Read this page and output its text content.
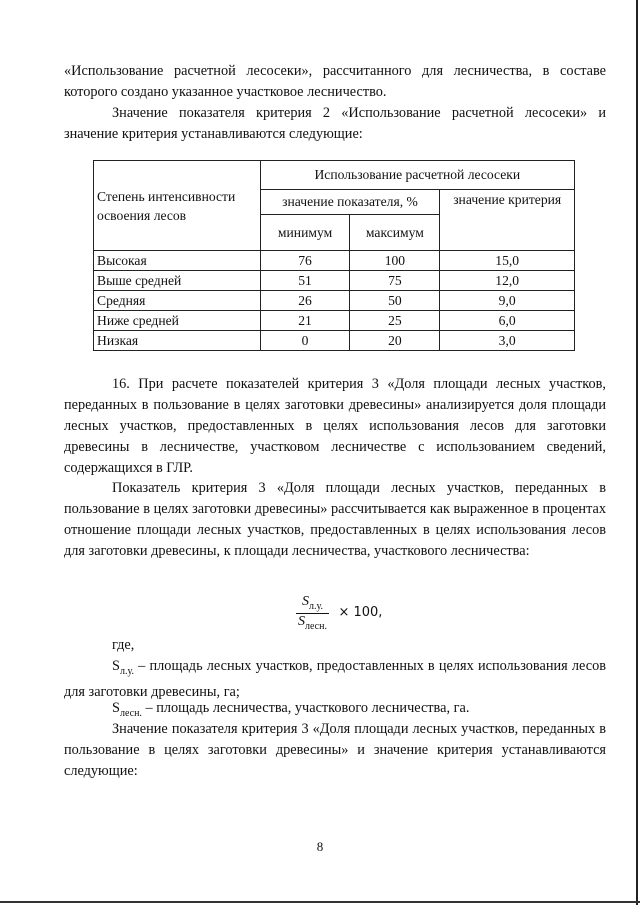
«Использование расчетной лесосеки», рассчитанного для лесничества, в составе которого создано указанное участковое лесничество.

Значение показателя критерия 2 «Использование расчетной лесосеки» и значение критерия устанавливаются следующие:

Степень интенсивности освоения лесов	Использование расчетной лесосеки		
	значение показателя, %		значение критерия
	минимум	максимум	
Высокая	76	100	15,0
Выше средней	51	75	12,0
Средняя	26	50	9,0
Ниже средней	21	25	6,0
Низкая	0	20	3,0

16. При расчете показателей критерия 3 «Доля площади лесных участков, переданных в пользование в целях заготовки древесины» анализируется доля площади лесных участков, предоставленных в целях использования лесов для заготовки древесины в лесничестве, участковом лесничестве с использованием сведений, содержащихся в ГЛР.

Показатель критерия 3 «Доля площади лесных участков, переданных в пользование в целях заготовки древесины» рассчитывается как выраженное в процентах отношение площади лесных участков, предоставленных в целях использования лесов для заготовки древесины, к площади лесничества, участкового лесничества:

$\frac{S_{л.у.}}{S_{лесн.}} \times 100$,

где,

$S_{л.у.}$ – площадь лесных участков, предоставленных в целях использования лесов для заготовки древесины, га;

$S_{лесн.}$ – площадь лесничества, участкового лесничества, га.

Значение показателя критерия 3 «Доля площади лесных участков, переданных в пользование в целях заготовки древесины» и значение критерия устанавливаются следующие:

8
